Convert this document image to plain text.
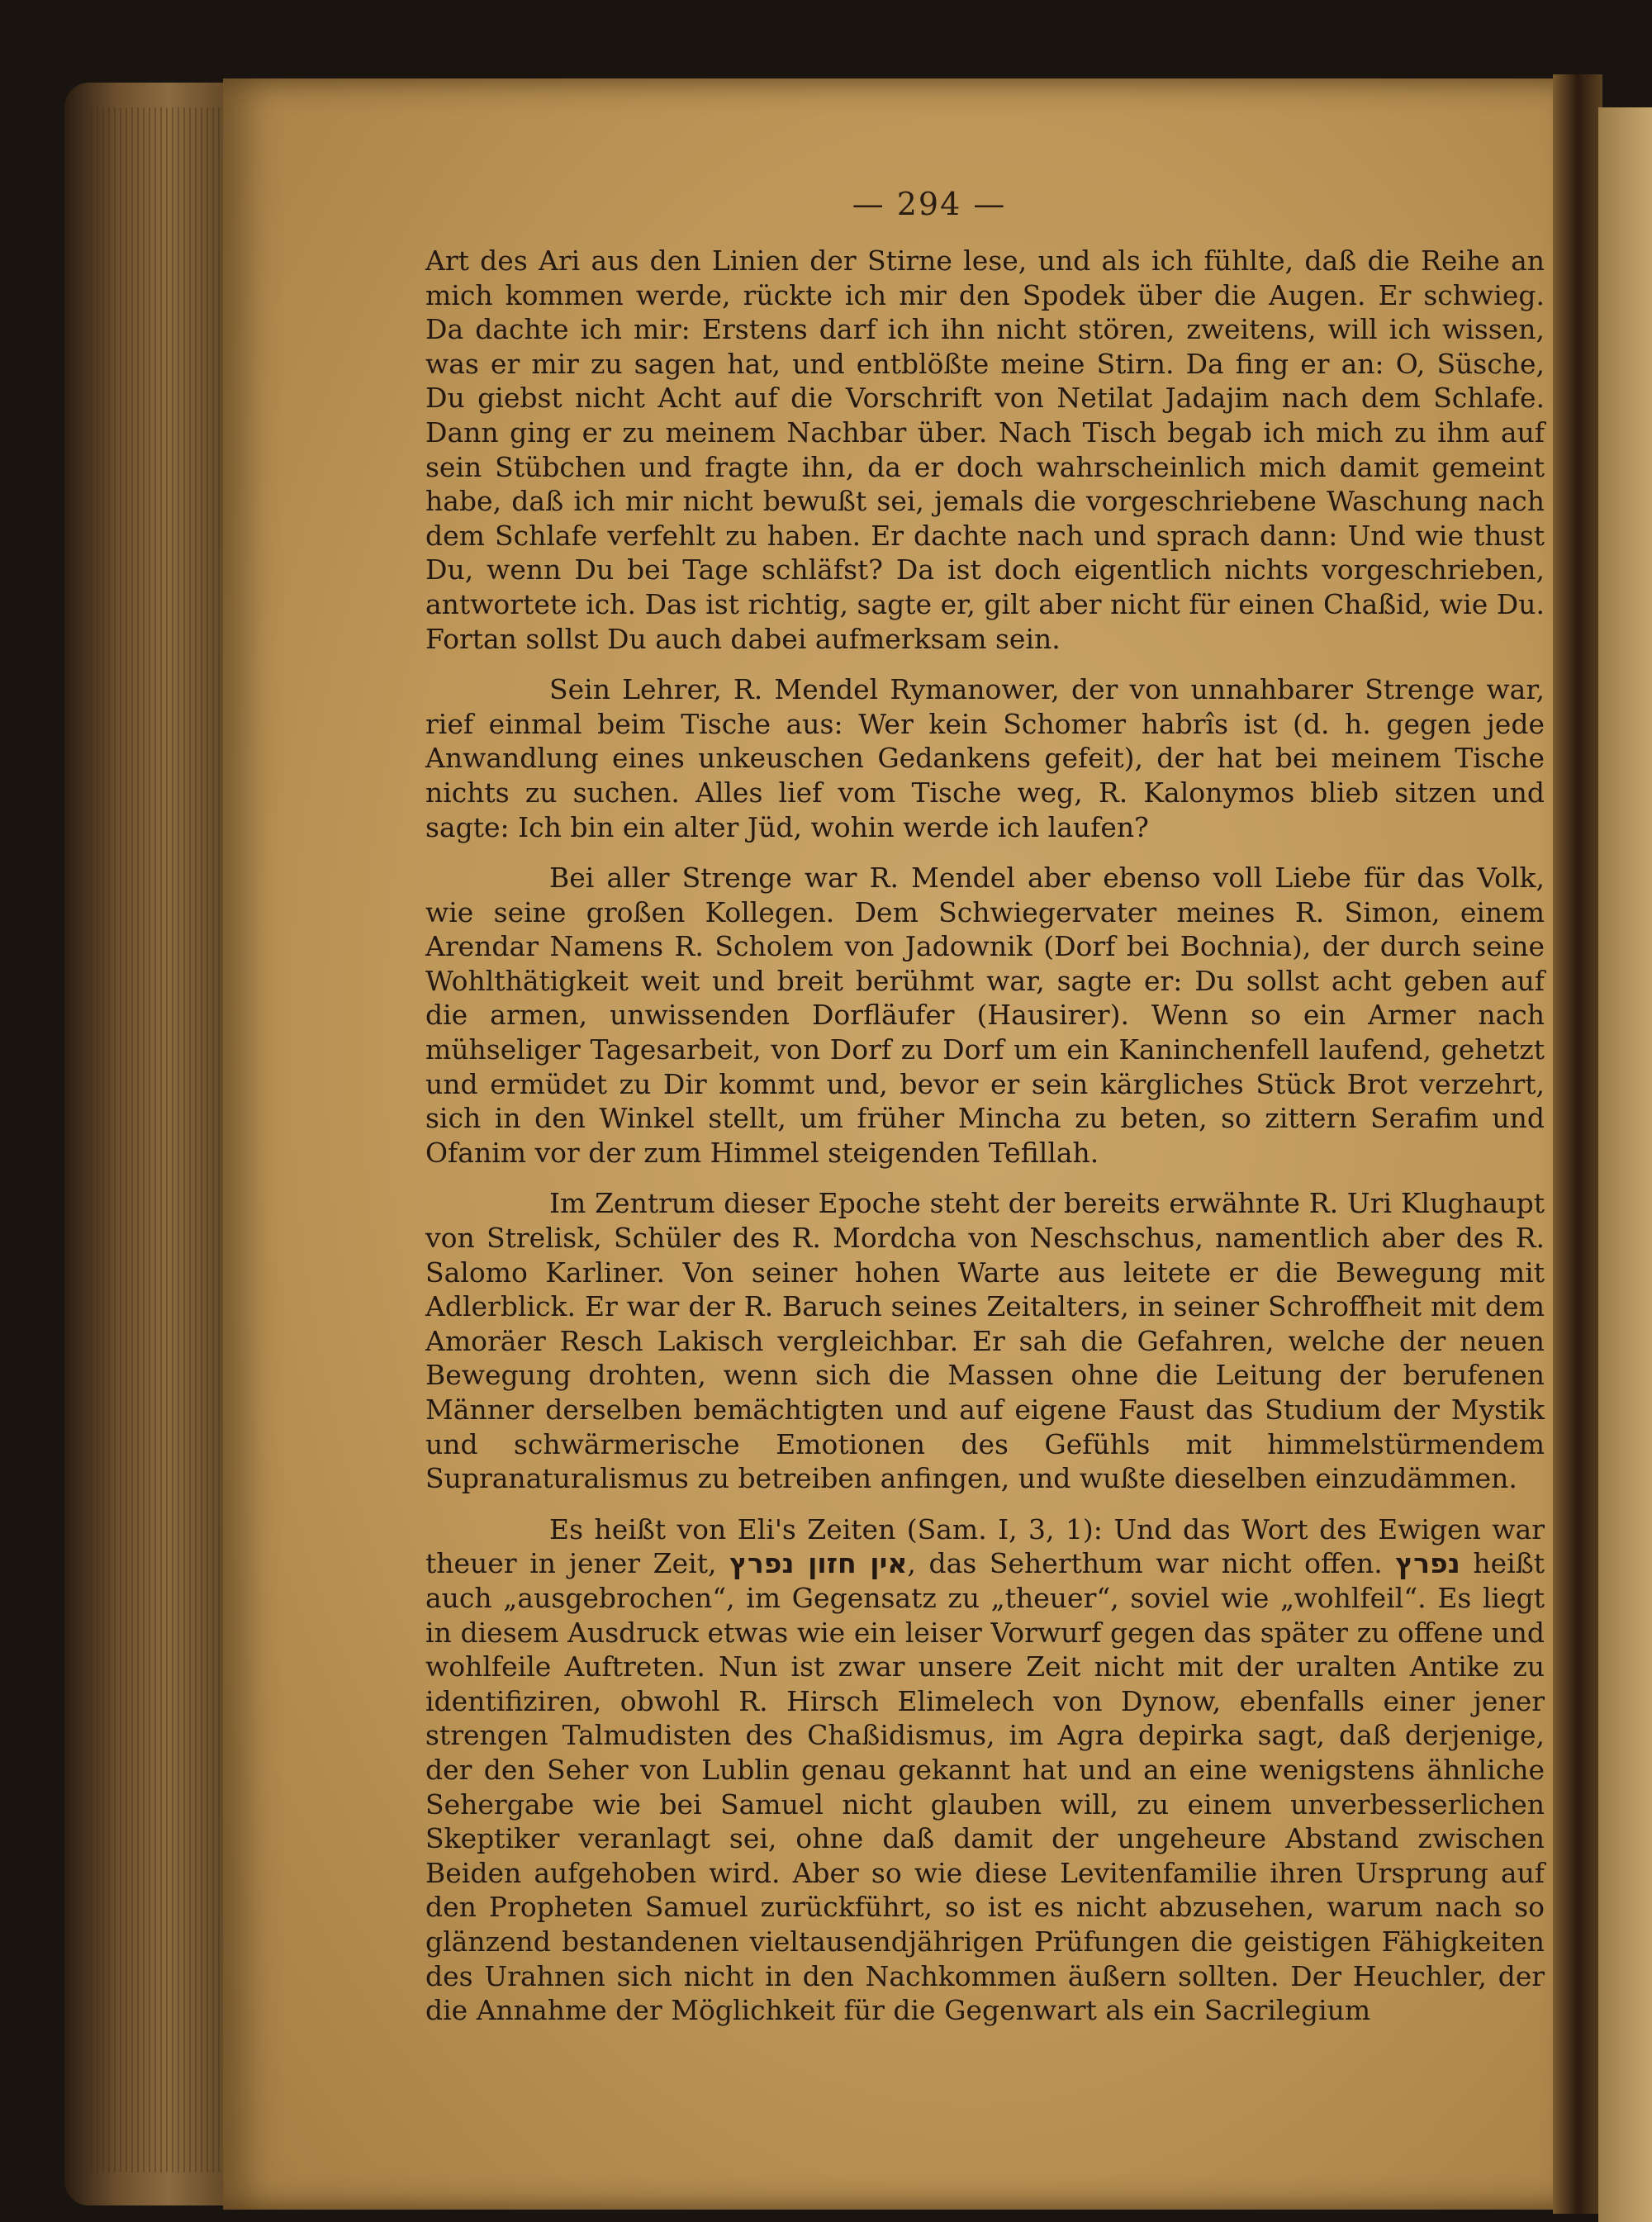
— 294 —

Art des Ari aus den Linien der Stirne lese, und als ich fühlte, daß die Reihe an mich kommen werde, rückte ich mir den Spodek über die Augen. Er schwieg. Da dachte ich mir: Erstens darf ich ihn nicht stören, zweitens, will ich wissen, was er mir zu sagen hat, und entblößte meine Stirn. Da fing er an: O, Süsche, Du giebst nicht Acht auf die Vorschrift von Netilat Jadajim nach dem Schlafe. Dann ging er zu meinem Nachbar über. Nach Tisch begab ich mich zu ihm auf sein Stübchen und fragte ihn, da er doch wahrscheinlich mich damit gemeint habe, daß ich mir nicht bewußt sei, jemals die vorgeschriebene Waschung nach dem Schlafe verfehlt zu haben. Er dachte nach und sprach dann: Und wie thust Du, wenn Du bei Tage schläfst? Da ist doch eigentlich nichts vorgeschrieben, antwortete ich. Das ist richtig, sagte er, gilt aber nicht für einen Chaßid, wie Du. Fortan sollst Du auch dabei aufmerksam sein.

Sein Lehrer, R. Mendel Rymanower, der von unnahbarer Strenge war, rief einmal beim Tische aus: Wer kein Schomer habrîs ist (d. h. gegen jede Anwandlung eines unkeuschen Gedankens gefeit), der hat bei meinem Tische nichts zu suchen. Alles lief vom Tische weg, R. Kalonymos blieb sitzen und sagte: Ich bin ein alter Jüd, wohin werde ich laufen?

Bei aller Strenge war R. Mendel aber ebenso voll Liebe für das Volk, wie seine großen Kollegen. Dem Schwiegervater meines R. Simon, einem Arendar Namens R. Scholem von Jadownik (Dorf bei Bochnia), der durch seine Wohlthätigkeit weit und breit berühmt war, sagte er: Du sollst acht geben auf die armen, unwissenden Dorfläufer (Hausirer). Wenn so ein Armer nach mühseliger Tagesarbeit, von Dorf zu Dorf um ein Kaninchenfell laufend, gehetzt und ermüdet zu Dir kommt und, bevor er sein kärgliches Stück Brot verzehrt, sich in den Winkel stellt, um früher Mincha zu beten, so zittern Serafim und Ofanim vor der zum Himmel steigenden Tefillah.

Im Zentrum dieser Epoche steht der bereits erwähnte R. Uri Klughaupt von Strelisk, Schüler des R. Mordcha von Neschschus, namentlich aber des R. Salomo Karliner. Von seiner hohen Warte aus leitete er die Bewegung mit Adlerblick. Er war der R. Baruch seines Zeitalters, in seiner Schroffheit mit dem Amoräer Resch Lakisch vergleichbar. Er sah die Gefahren, welche der neuen Bewegung drohten, wenn sich die Massen ohne die Leitung der berufenen Männer derselben bemächtigten und auf eigene Faust das Studium der Mystik und schwärmerische Emotionen des Gefühls mit himmelstürmendem Supranaturalismus zu betreiben anfingen, und wußte dieselben einzudämmen.

Es heißt von Eli's Zeiten (Sam. I, 3, 1): Und das Wort des Ewigen war theuer in jener Zeit, אין חזון נפרץ, das Seherthum war nicht offen. נפרץ heißt auch „ausgebrochen“, im Gegensatz zu „theuer“, soviel wie „wohlfeil“. Es liegt in diesem Ausdruck etwas wie ein leiser Vorwurf gegen das später zu offene und wohlfeile Auftreten. Nun ist zwar unsere Zeit nicht mit der uralten Antike zu identifiziren, obwohl R. Hirsch Elimelech von Dynow, ebenfalls einer jener strengen Talmudisten des Chaßidismus, im Agra depirka sagt, daß derjenige, der den Seher von Lublin genau gekannt hat und an eine wenigstens ähnliche Sehergabe wie bei Samuel nicht glauben will, zu einem unverbesserlichen Skeptiker veranlagt sei, ohne daß damit der ungeheure Abstand zwischen Beiden aufgehoben wird. Aber so wie diese Levitenfamilie ihren Ursprung auf den Propheten Samuel zurückführt, so ist es nicht abzusehen, warum nach so glänzend bestandenen vieltausendjährigen Prüfungen die geistigen Fähigkeiten des Urahnen sich nicht in den Nachkommen äußern sollten. Der Heuchler, der die Annahme der Möglichkeit für die Gegenwart als ein Sacrilegium
